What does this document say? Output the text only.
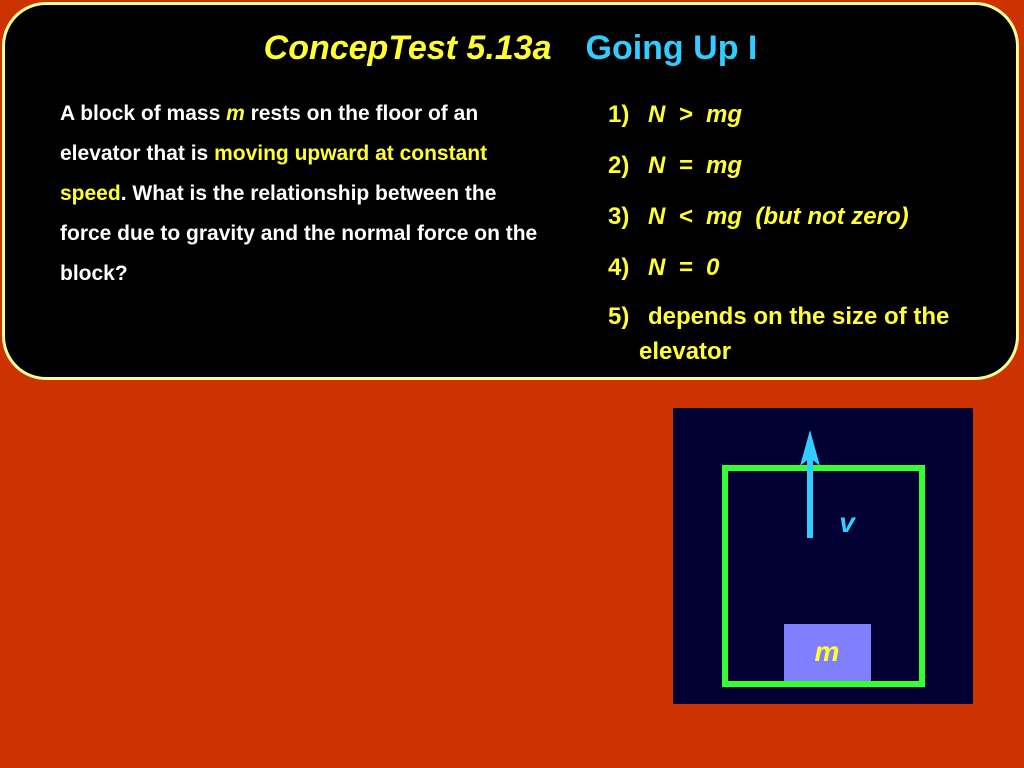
ConcepTest 5.13a Going Up I
A block of mass m rests on the floor of an elevator that is moving upward at constant speed. What is the relationship between the force due to gravity and the normal force on the block?
1) N  >  mg
2) N  =  mg
3) N  <  mg  (but not zero)
4) N  =  0
5) depends on the size of the elevator
v
m
